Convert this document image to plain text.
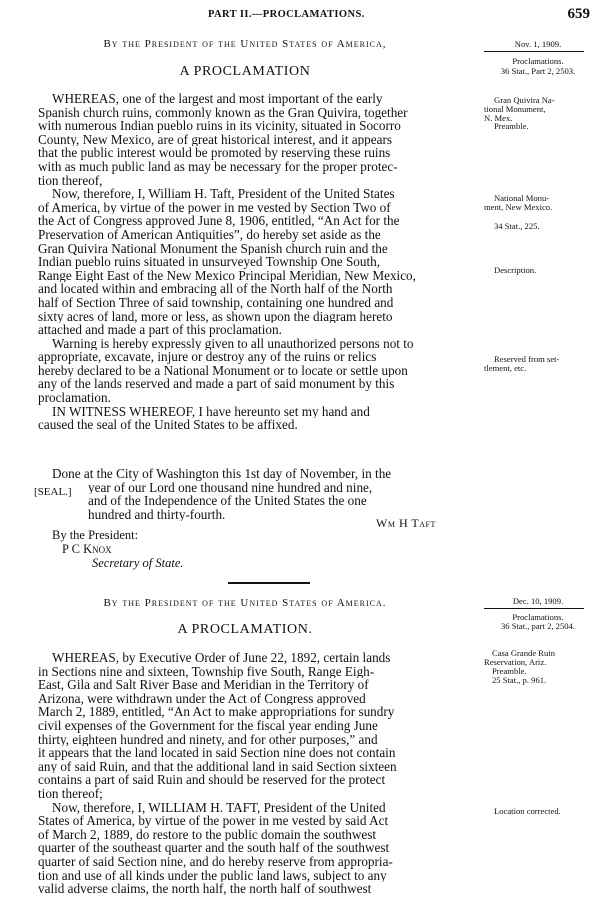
PART II.—PROCLAMATIONS.	659
By the President of the United States of America,
A PROCLAMATION
Nov. 1, 1909.
Proclamations.
36 Stat., Part 2, 2503.
Gran Quivira Na-
tional Monument,
N. Mex.
Preamble.
National Monu-
ment, New Mexico.
34 Stat., 225.
Description.
Reserved from set-
tlement, etc.
WHEREAS, one of the largest and most important of the early
Spanish church ruins, commonly known as the Gran Quivira, together
with numerous Indian pueblo ruins in its vicinity, situated in Socorro
County, New Mexico, are of great historical interest, and it appears
that the public interest would be promoted by reserving these ruins
with as much public land as may be necessary for the proper protec-
tion thereof,
Now, therefore, I, William H. Taft, President of the United States
of America, by virtue of the power in me vested by Section Two of
the Act of Congress approved June 8, 1906, entitled, “An Act for the
Preservation of American Antiquities”, do hereby set aside as the
Gran Quivira National Monument the Spanish church ruin and the
Indian pueblo ruins situated in unsurveyed Township One South,
Range Eight East of the New Mexico Principal Meridian, New Mexico,
and located within and embracing all of the North half of the North
half of Section Three of said township, containing one hundred and
sixty acres of land, more or less, as shown upon the diagram hereto
attached and made a part of this proclamation.
Warning is hereby expressly given to all unauthorized persons not to
appropriate, excavate, injure or destroy any of the ruins or relics
hereby declared to be a National Monument or to locate or settle upon
any of the lands reserved and made a part of said monument by this
proclamation.
IN WITNESS WHEREOF, I have hereunto set my hand and
caused the seal of the United States to be affixed.
Done at the City of Washington this 1st day of November, in the
year of our Lord one thousand nine hundred and nine,
and of the Independence of the United States the one
hundred and thirty-fourth.
[SEAL.]
Wm H Taft
By the President:
P C Knox
Secretary of State.
By the President of the United States of America.
A PROCLAMATION.
Dec. 10, 1909.
Proclamations.
36 Stat., part 2, 2504.
Casa Grande Ruin
Reservation, Ariz.
Preamble.
25 Stat., p. 961.
Location corrected.
WHEREAS, by Executive Order of June 22, 1892, certain lands
in Sections nine and sixteen, Township five South, Range Eigh-
East, Gila and Salt River Base and Meridian in the Territory of
Arizona, were withdrawn under the Act of Congress approved
March 2, 1889, entitled, “An Act to make appropriations for sundry
civil expenses of the Government for the fiscal year ending June
thirty, eighteen hundred and ninety, and for other purposes,” and
it appears that the land located in said Section nine does not contain
any of said Ruin, and that the additional land in said Section sixteen
contains a part of said Ruin and should be reserved for the protect
tion thereof;
Now, therefore, I, WILLIAM H. TAFT, President of the United
States of America, by virtue of the power in me vested by said Act
of March 2, 1889, do restore to the public domain the southwest
quarter of the southeast quarter and the south half of the southwest
quarter of said Section nine, and do hereby reserve from appropria-
tion and use of all kinds under the public land laws, subject to any
valid adverse claims, the north half, the north half of southwest
